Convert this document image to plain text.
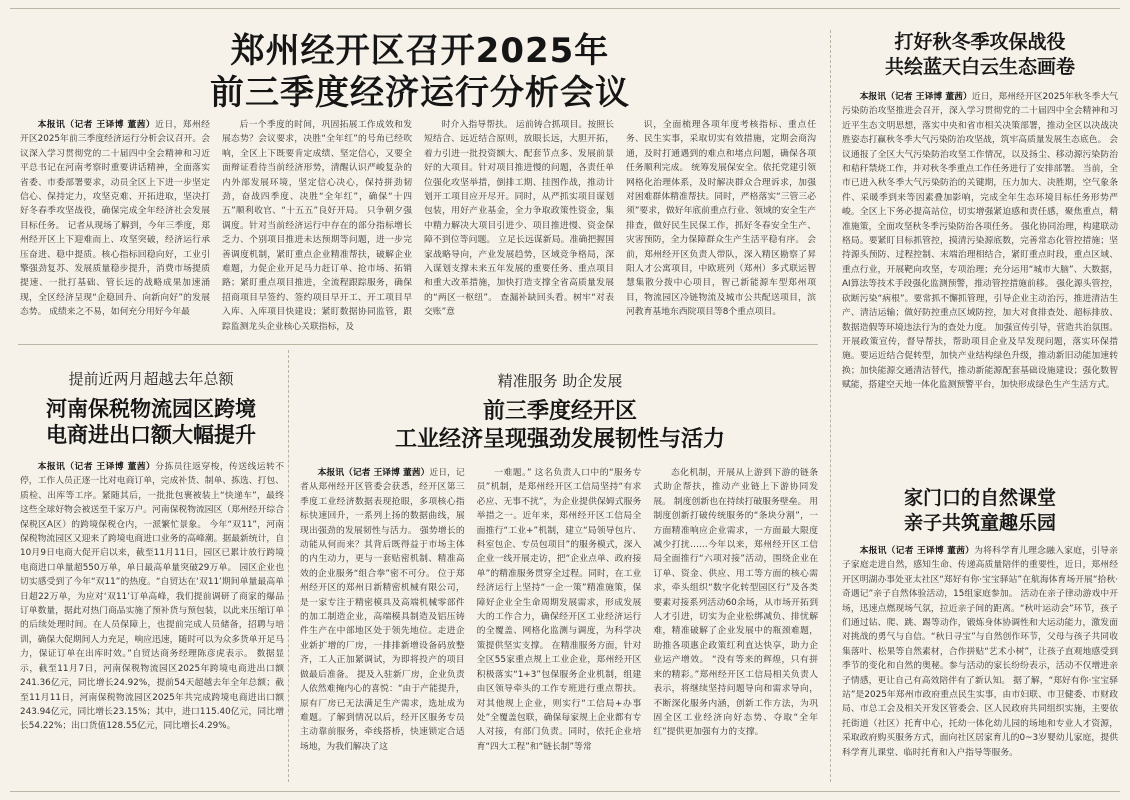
郑州经开区召开2025年
前三季度经济运行分析会议

本报讯（记者 王译博 董茜）近日，郑州经开区2025年前三季度经济运行分析会议召开。会议深入学习贯彻党的二十届四中全会精神和习近平总书记在河南考察时重要讲话精神，全面落实省委、市委部署要求，动员全区上下进一步坚定信心、保持定力，攻坚克难、开拓进取，坚决打好冬春季攻坚战役，确保完成全年经济社会发展目标任务。 记者从现场了解到，今年三季度，郑州经开区上下迎难而上、攻坚突破，经济运行承压奋进、稳中提质。核心指标回稳向好，工业引擎强劲复苏、发展质量稳步提升，消费市场提质提速、一批打基础、管长远的战略成果加速涌现，全区经济呈现“企稳回升、向新向好”的发展态势。 成绩来之不易，如何充分用好今年最

后一个季度的时间，巩固拓展工作成效和发展态势？会议要求，决胜“全年红”的号角已经吹响，全区上下既要肯定成绩、坚定信心，又要全面辩证看待当前经济形势，清醒认识严峻复杂的内外部发展环境，坚定信心决心，保持拼劲韧劲，奋战四季度、决胜“全年红”，确保“十四五”顺利收官、“十五五”良好开局。 只争朝夕强调度。针对当前经济运行中存在的部分指标增长乏力、个别项目推进未达预期等问题，进一步完善调度机制，紧盯重点企业精准帮扶，破解企业难题，力促企业开足马力赶订单、抢市场、拓销路；紧盯重点项目推进，全流程跟踪服务，确保招商项目早签约、签约项目早开工、开工项目早入库、入库项目快建设；紧盯数据协同监管，跟踪监测龙头企业核心关联指标，及

时介入指导帮扶。 运前铸合抓项目。按照长短结合、远近结合原则，放眼长远，大胆开拓，着力引进一批投资额大、配套节点多、发展前景好的大项目。针对项目推进慢的问题，各责任单位强化攻坚举措，倒排工期、挂图作战，推动计划开工项目应开尽开。同时，从严抓实项目谋划包装，用好产业基金，全力争取政策性资金，集中精力解决大项目引进少、项目推进慢、资金保障不到位等问题。 立足长远谋新局。准确把握国家战略导向，产业发展趋势，区域竞争格局，深入谋划支撑未来五年发展的重要任务、重点项目和重大改革措施，加快打造支撑全省高质量发展的“两区一枢纽”。 查漏补缺回头看。树牢“对表交账”意

识，全面梳理各项年度考核指标、重点任务、民生实事，采取切实有效措施，定期会商沟通，及时打通遇到的难点和堵点问题，确保各项任务顺利完成。 统筹发展保安全。依托党建引领网格化治理体系，及时解决群众合理诉求，加强对困难群体精准帮扶。同时，严格落实“三管三必须”要求，做好年底前重点行业、领域的安全生产排查，做好民生民保工作，抓好冬春安全生产、灾害预防，全力保障群众生产生活平稳有序。 会前，郑州经开区负责人带队，深入精区勘察了昇阳人才公寓项目，中欧班列（郑州）多式联运智慧集散分拨中心项目，智己新能源车型郑州项目，物流园区冷链物流及城市公共配送项目，滨河教育基地东西院项目等8个重点项目。

提前近两月超越去年总额
河南保税物流园区跨境
电商进出口额大幅提升

本报讯（记者 王译博 董茜）分拣员往返穿梭，传送线运转不停，工作人员正逐一比对电商订单，完成补货、制单、拣选、打包、质检、出库等工序。紧随其后，一批批包裹被装上“快递车”，最终这些全球好物会被送至千家万户。河南保税物流园区（郑州经开综合保税区A区）的跨境保税仓内，一派繁忙景象。 今年“双11”，河南保税物流园区又迎来了跨境电商进口业务的高峰潮。据最新统计，自10月9日电商大促开启以来，截至11月11日，园区已累计放行跨境电商进口单量超550万单，单日最高单量突破29万单。 园区企业也切实感受到了今年“双11”的热度。“自贸达在‘双11’期间单量最高单日超22万单，为应对‘双11’订单高峰，我们提前调研了商家的爆品订单数量，据此对热门商品实施了预补货与预包装，以此来压缩订单的后续处理时间。在人员保障上，也提前完成人员储备，招聘与培训，确保大促期间人力充足，响应迅速，随时可以为众多货单开足马力，保证订单在出库时效。”自贸达商务经理陈彦虎表示。 数据显示，截至11月7日，河南保税物流园区2025年跨境电商进出口额241.36亿元，同比增长24.92%，提前54天超越去年全年总额；截至11月11日，河南保税物流园区2025年共完成跨境电商进出口额243.94亿元，同比增长23.15%；其中，进口115.40亿元，同比增长54.22%；出口货值128.55亿元，同比增长4.29%。

精准服务 助企发展
前三季度经开区
工业经济呈现强劲发展韧性与活力

本报讯（记者 王译博 董茜）近日，记者从郑州经开区管委会获悉，经开区第三季度工业经济数据表现抢眼，多项核心指标快速回升，一系列上扬的数据曲线，展现出强劲的发展韧性与活力。 强势增长的动能从何而来？其背后既得益于市场主体的内生动力，更与一套贴密机制、精准高效的企业服务“组合拳”密不可分。 位于郑州经开区的郑州日新精密机械有限公司，是一家专注于精密模具及高端机械零部件的加工制造企业，高端模具制造及铝压铸件生产在中部地区处于领先地位。走进企业新扩增的厂房，一排排新增设备码放整齐，工人正加紧调试，为即将投产的项目做最后准备。 提及入驻新厂房，企业负责人依然难掩内心的喜悦：“由于产能提升，原有厂房已无法满足生产需求，选址成为难题。了解到情况以后，经开区服务专员主动靠前服务，牵线搭桥，快速锁定合适场地，为我们解决了这

一难题。” 这名负责人口中的“服务专员”机制，是郑州经开区工信局坚持“有求必应、无事不扰”，为企业提供保姆式服务举措之一。近年来，郑州经开区工信局全面推行“工业+”机制，建立“局领导包片、科室包企、专员包项目”的服务模式，深入企业一线开展走访，把“企业点单、政府接单”的精准服务贯穿全过程。同时，在工业经济运行上坚持“一企一策”精准施策，保障好企业全生命周期发展需求，形成发展大的工作合力，确保经开区工业经济运行的全覆盖、网格化监测与调度，为科学决策提供坚实支撑。 在精准服务方面，针对全区55家重点规上工业企业，郑州经开区积极落实“1+3”包保服务企业机制，组建由区领导牵头的工作专班进行重点帮扶。对其他规上企业，则实行“工信局+办事处”全覆盖包联，确保每家规上企业都有专人对接，有部门负责。同时，依托企业培育“四大工程”和“链长制”等常

态化机制，开展从上游到下游的链条式助企帮扶，推动产业链上下游协同发展。 制度创新也在持续打破服务壁垒。 用制度创新打破传统服务的“条块分割”，一方面精准响应企业需求，一方面最大限度减少打扰……今年以来，郑州经开区工信局全面推行“六项对接”活动，围绕企业在订单、资金、供应、用工等方面的核心需求，牵头组织“数字化转型园区行”及各类要素对接系列活动60余场，从市场开拓到人才引进，切实为企业松绑减负、排忧解难，精准破解了企业发展中的瓶颈难题，助推各项惠企政策红利直达快享，助力企业运产增效。 “没有等来的辉煌，只有拼来的精彩。”郑州经开区工信局相关负责人表示，将继续坚持问题导向和需求导向，不断深化服务内涵，创新工作方法，为巩固全区工业经济向好态势、夺取“全年红”提供更加强有力的支撑。

打好秋冬季攻保战役
共绘蓝天白云生态画卷

本报讯（记者 王译博 董茜）近日，郑州经开区2025年秋冬季大气污染防治攻坚推进会召开，深入学习贯彻党的二十届四中全会精神和习近平生态文明思想，落实中央和省市相关决策部署，推动全区以决战决胜姿态打赢秋冬季大气污染防治攻坚战，筑牢高质量发展生态底色。 会议通报了全区大气污染防治攻坚工作情况，以及扬尘、移动源污染防治和秸秆禁烧工作，并对秋冬季重点工作任务进行了安排部署。 当前，全市已进入秋冬季大气污染防治的关键期，压力加大、决胜期，空气象条件、采暖季到来等因素叠加影响，完成全年生态环境目标任务形势严峻。全区上下务必提高站位，切实增强紧迫感和责任感，聚焦重点，精准施策，全面攻坚秋冬季污染防治各项任务。 强化协同治理，构建联动格局。要紧盯目标抓管控，摸清污染源底数，完善常态化管控措施；坚持源头预防、过程控制、末端治理相结合，紧盯重点时段，重点区域、重点行业，开展靶向攻坚，专项治理；充分运用“城市大脑”、大数据，AI算法等技术手段强化监测预警，推动管控措施前移。 强化源头管控，砍断污染“病根”。要常抓不懈抓管理，引导企业主动治污，推进清洁生产、清洁运输；做好防控重点区域防控，加大对食排查处、超标排放、数据造假等环境违法行为的查处力度。 加强宣传引导，营造共治氛围。开展政策宣传，督导帮扶，帮助项目企业及早发现问题，落实环保措施。要运近结合促转型，加快产业结构绿色升级，推动新旧动能加速转换；加快能源交通清洁替代，推动新能源配套基础设施建设；强化数智赋能，搭建空天地一体化监测预警平台，加快形成绿色生产生活方式。

家门口的自然课堂
亲子共筑童趣乐园

本报讯（记者 王译博 董茜）为将科学育儿理念融入家庭，引导亲子家庭走进自然，感知生命、传递高质量陪伴的重要性，近日，郑州经开区明湖办事处亚太社区“郑好有你·宝宝驿站”在航海体育场开展“拾秋·奇遇记”亲子自然体验活动，15组家庭参加。 活动在亲子律动游戏中开场，迅速点燃现场气氛，拉近亲子间的距离。“秋叶运动会”环节，孩子们通过钻、爬、跳、踢等动作，锻炼身体协调性和大运动能力，激发面对挑战的勇气与自信。“秋日寻宝”与自然创作环节，父母与孩子共同收集落叶、松果等自然素材，合作拼贴“艺术小树”，让孩子直观地感受到季节的变化和自然的奥秘。参与活动的家长纷纷表示，活动不仅增进亲子情感，更让自己有高效陪伴有了新认知。 据了解，“郑好有你·宝宝驿站”是2025年郑州市政府重点民生实事，由市妇联、市卫健委、市财政局、市总工会及相关开发区管委会、区人民政府共同组织实施，主要依托街道（社区）托育中心，托幼一体化幼儿园的场地和专业人才资源，采取政府购买服务方式，面向社区居家育儿的0~3岁婴幼儿家庭，提供科学育儿课堂、临时托育和入户指导等服务。
